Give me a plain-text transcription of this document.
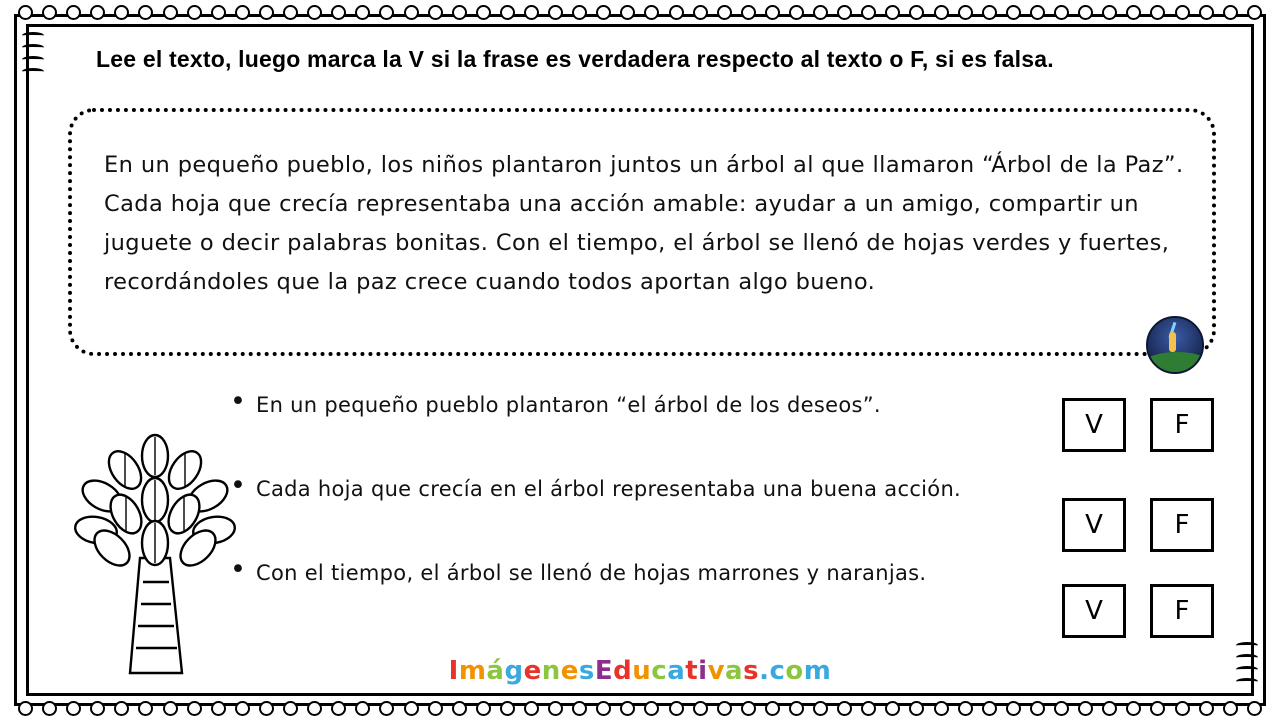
Lee el texto, luego marca la V si la frase es verdadera respecto al texto o F, si es falsa.
En un pequeño pueblo, los niños plantaron juntos un árbol al que llamaron “Árbol de la Paz”. Cada hoja que crecía representaba una acción amable: ayudar a un amigo, compartir un juguete o decir palabras bonitas. Con el tiempo, el árbol se llenó de hojas verdes y fuertes, recordándoles que la paz crece cuando todos aportan algo bueno.
• En un pequeño pueblo plantaron “el árbol de los deseos”.
• Cada hoja que crecía en el árbol representaba una buena acción.
• Con el tiempo, el árbol se llenó de hojas marrones y naranjas.
V	F
V	F
V	F
ImágenesEducativas.com
